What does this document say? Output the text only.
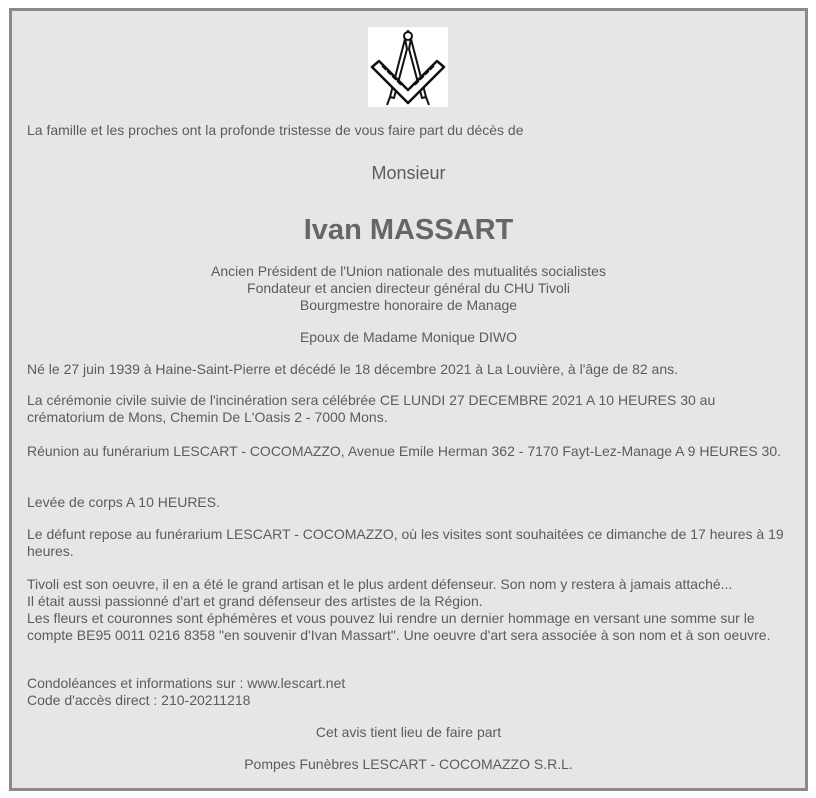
La famille et les proches ont la profonde tristesse de vous faire part du décès de

Monsieur

Ivan MASSART

Ancien Président de l'Union nationale des mutualités socialistes

Fondateur et ancien directeur général du CHU Tivoli

Bourgmestre honoraire de Manage

Epoux de Madame Monique DIWO

Né le 27 juin 1939 à Haine-Saint-Pierre et décédé le 18 décembre 2021 à La Louvière, à l'âge de 82 ans.

La cérémonie civile suivie de l'incinération sera célébrée CE LUNDI 27 DECEMBRE 2021 A 10 HEURES 30 au crématorium de Mons, Chemin De L'Oasis 2 - 7000 Mons.

Réunion au funérarium LESCART - COCOMAZZO, Avenue Emile Herman 362 - 7170 Fayt-Lez-Manage A 9 HEURES 30.

Levée de corps A 10 HEURES.

Le défunt repose au funérarium LESCART - COCOMAZZO, où les visites sont souhaitées ce dimanche de 17 heures à 19 heures.

Tivoli est son oeuvre, il en a été le grand artisan et le plus ardent défenseur. Son nom y restera à jamais attaché...

Il était aussi passionné d'art et grand défenseur des artistes de la Région.

Les fleurs et couronnes sont éphémères et vous pouvez lui rendre un dernier hommage en versant une somme sur le compte BE95 0011 0216 8358 "en souvenir d'Ivan Massart". Une oeuvre d'art sera associée à son nom et à son oeuvre.

Condoléances et informations sur : www.lescart.net

Code d'accès direct : 210-20211218

Cet avis tient lieu de faire part

Pompes Funèbres LESCART - COCOMAZZO S.R.L.
